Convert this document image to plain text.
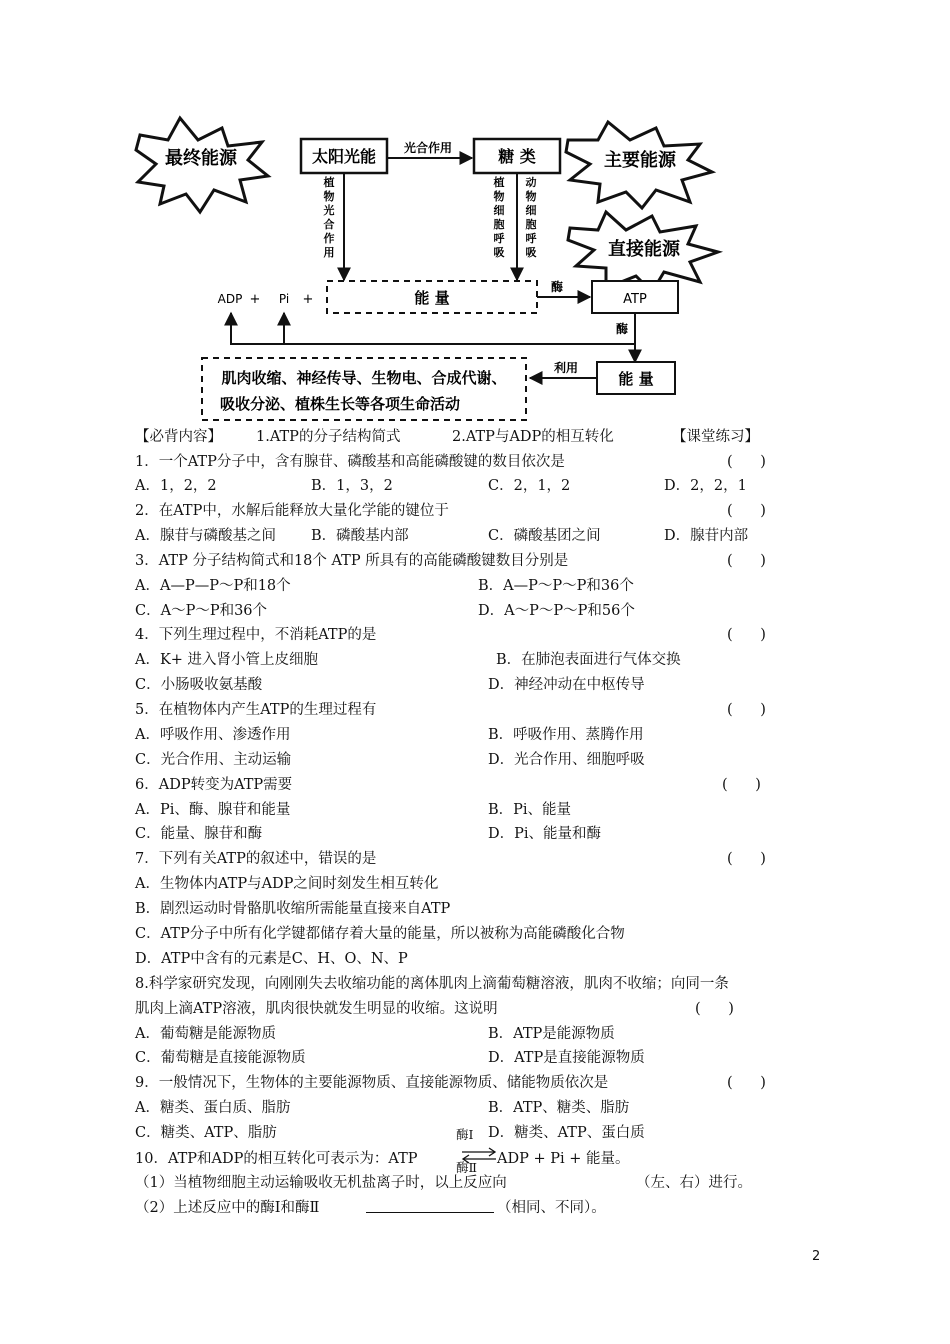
最终能源	太阳光能 光合作用	糖 类	主要能源
植
物
光
合
作
用
植
物
细
胞
呼
吸
动
物
细
胞
呼
吸	直接能源
ADP + Pi +	能 量
酶
ATP
酶
能 量
利用
肌肉收缩、神经传导、生物电、合成代谢、
吸收分泌、植株生长等各项生命活动

【必背内容】

1.ATP的分子结构简式

	2.ATP与ADP的相互转化

	【课堂练习】

1．一个ATP分子中，含有腺苷、磷酸基和高能磷酸键的数目依次是

	(      )

A．1，2，2

	B．1，3，2

	C．2，1，2

	D．2，2，1

2．在ATP中，水解后能释放大量化学能的键位于

	(      )

A．腺苷与磷酸基之间

B．磷酸基内部

	C．磷酸基团之间

	D．腺苷内部

3．ATP 分子结构简式和18个 ATP 所具有的高能磷酸键数目分别是

	(      )

A．A—P—P～P和18个

	B．A—P～P～P和36个

C．A～P～P和36个

	D．A～P～P～P和56个

4．下列生理过程中，不消耗ATP的是

	(      )

A．K+ 进入肾小管上皮细胞

	B．在肺泡表面进行气体交换

C．小肠吸收氨基酸

	D．神经冲动在中枢传导

5．在植物体内产生ATP的生理过程有

	(      )

A．呼吸作用、渗透作用

	B．呼吸作用、蒸腾作用

C．光合作用、主动运输

	D．光合作用、细胞呼吸

6．ADP转变为ATP需要

	(      )

A．Pi、酶、腺苷和能量

	B．Pi、能量

C．能量、腺苷和酶

	D．Pi、能量和酶

7．下列有关ATP的叙述中，错误的是

	(      )

A．生物体内ATP与ADP之间时刻发生相互转化

B．剧烈运动时骨骼肌收缩所需能量直接来自ATP

C．ATP分子中所有化学键都储存着大量的能量，所以被称为高能磷酸化合物

D．ATP中含有的元素是C、H、O、N、P

8.科学家研究发现，向刚刚失去收缩功能的离体肌肉上滴葡萄糖溶液，肌肉不收缩；向同一条

肌肉上滴ATP溶液，肌肉很快就发生明显的收缩。这说明

	(      )

A．葡萄糖是能源物质

	B．ATP是能源物质

C．葡萄糖是直接能源物质

	D．ATP是直接能源物质

9．一般情况下，生物体的主要能源物质、直接能源物质、储能物质依次是

	(      )

A．糖类、蛋白质、脂肪

	B．ATP、糖类、脂肪

C．糖类、ATP、脂肪

	D．糖类、ATP、蛋白质

酶Ⅰ

10．ATP和ADP的相互转化可表示为：ATP

	ADP + Pi + 能量。

酶Ⅱ

（1）当植物细胞主动运输吸收无机盐离子时，以上反应向

	（左、右）进行。

（2）上述反应中的酶Ⅰ和酶Ⅱ

	（相同、不同）。

2
